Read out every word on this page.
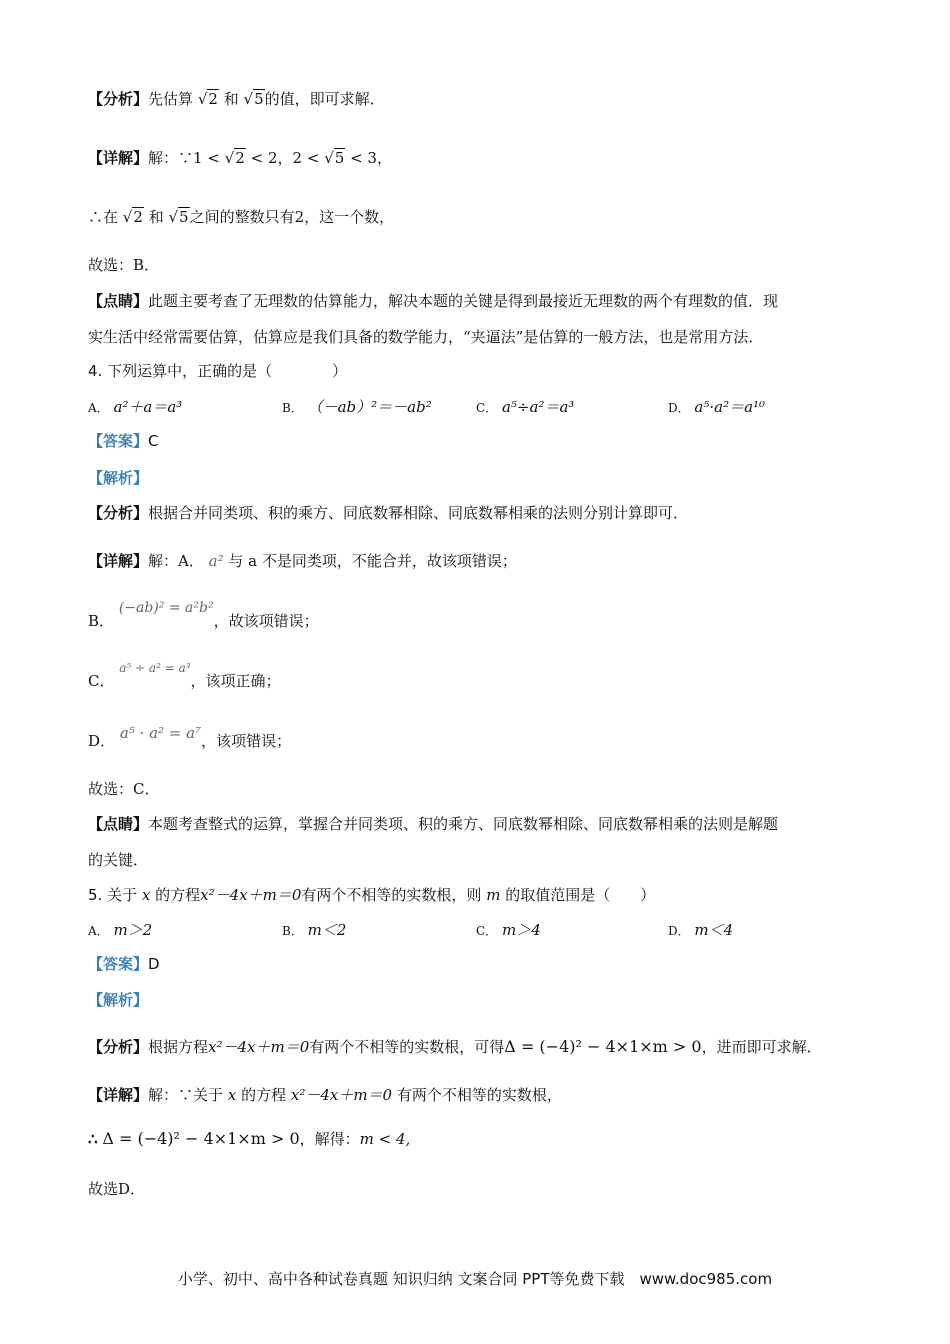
【分析】先估算 √2 和 √5的值，即可求解．
【详解】解：∵1 < √2 < 2，2 < √5 < 3，
∴在 √2 和 √5之间的整数只有2，这一个数，
故选：B．
【点睛】此题主要考查了无理数的估算能力，解决本题的关键是得到最接近无理数的两个有理数的值．现
实生活中经常需要估算，估算应是我们具备的数学能力，“夹逼法”是估算的一般方法，也是常用方法．
4. 下列运算中，正确的是（　　　　）
A． a²＋a＝a³	B． （－ab）²＝－ab²	C． a⁵÷a²＝a³	D． a⁵·a²＝a¹⁰
【答案】C
【解析】
【分析】根据合并同类项、积的乘方、同底数幂相除、同底数幂相乘的法则分别计算即可．
【详解】解：A． a² 与 a 不是同类项，不能合并，故该项错误；
B． (−ab)² = a²b²，故该项错误；
C． $^{a^5 \div a^2 = a^3}$，该项正确；
D． a⁵ · a² = a⁷，该项错误；
故选：C．
【点睛】本题考查整式的运算，掌握合并同类项、积的乘方、同底数幂相除、同底数幂相乘的法则是解题
的关键．
5. 关于 x 的方程x²－4x＋m＝0有两个不相等的实数根，则 m 的取值范围是（　　）
A． m＞2	B． m＜2	C． m＞4	D． m＜4
【答案】D
【解析】
【分析】根据方程x²－4x＋m＝0有两个不相等的实数根，可得Δ = (−4)² − 4×1×m > 0，进而即可求解．
【详解】解：∵关于 x 的方程 x²－4x＋m＝0 有两个不相等的实数根，
∴ Δ = (−4)² − 4×1×m > 0，解得：m < 4,
故选D．
小学、初中、高中各种试卷真题 知识归纳 文案合同 PPT等免费下载　www.doc985.com
